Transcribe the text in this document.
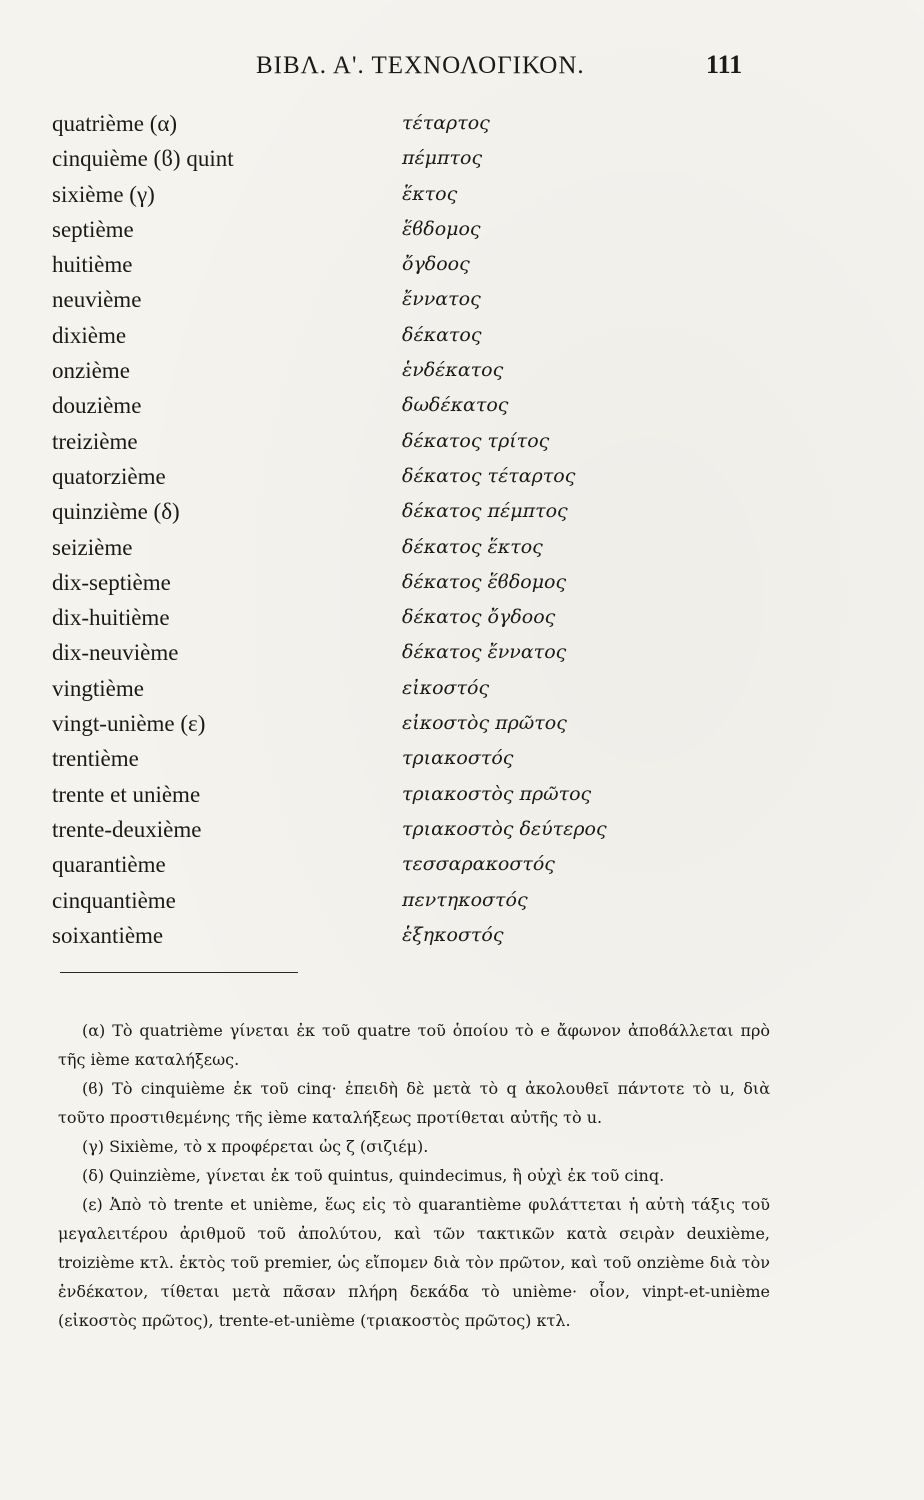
ΒΙΒΛ. Α'. ΤΕΧΝΟΛΟΓΙΚΟΝ.	111
quatrième (α)	τέταρτος
cinquième (ϐ) quint	πέμπτος
sixième (γ)	ἕκτος
septième	ἕϐδομος
huitième	ὄγδοος
neuvième	ἔννατος
dixième	δέκατος
onzième	ἑνδέκατος
douzième	δωδέκατος
treizième	δέκατος τρίτος
quatorzième	δέκατος τέταρτος
quinzième (δ)	δέκατος πέμπτος
seizième	δέκατος ἕκτος
dix-septième	δέκατος ἕϐδομος
dix-huitième	δέκατος ὄγδοος
dix-neuvième	δέκατος ἔννατος
vingtième	εἰκοστός
vingt-unième (ε)	εἰκοστὸς πρῶτος
trentième	τριακοστός
trente et unième	τριακοστὸς πρῶτος
trente-deuxième	τριακοστὸς δεύτερος
quarantième	τεσσαρακοστός
cinquantième	πεντηκοστός
soixantième	ἑξηκοστός

(α) Τὸ quatrième γίνεται ἐκ τοῦ quatre τοῦ ὁποίου τὸ e ἄφωνον ἀποϐάλλεται πρὸ τῆς ième καταλήξεως.

(ϐ) Τὸ cinquième ἐκ τοῦ cinq· ἐπειδὴ δὲ μετὰ τὸ q ἀκολουθεῖ πάντοτε τὸ u, διὰ τοῦτο προστιθεμένης τῆς ième καταλήξεως προτίθεται αὐτῆς τὸ u.

(γ) Sixième, τὸ x προφέρεται ὡς ζ (σιζιέμ).

(δ) Quinzième, γίνεται ἐκ τοῦ quintus, quindecimus, ἢ οὐχὶ ἐκ τοῦ cinq.

(ε) Ἀπὸ τὸ trente et unième, ἕως εἰς τὸ quarantième φυλάττεται ἡ αὐτὴ τάξις τοῦ μεγαλειτέρου ἀριθμοῦ τοῦ ἀπολύτου, καὶ τῶν τακτικῶν κατὰ σειρὰν deuxième, troizième κτλ. ἐκτὸς τοῦ premier, ὡς εἴπομεν διὰ τὸν πρῶτον, καὶ τοῦ onzième διὰ τὸν ἑνδέκατον, τίθεται μετὰ πᾶσαν πλήρη δεκάδα τὸ unième· οἷον, vinpt-et-unième (εἰκοστὸς πρῶτος), trente-et-unième (τριακοστὸς πρῶτος) κτλ.
